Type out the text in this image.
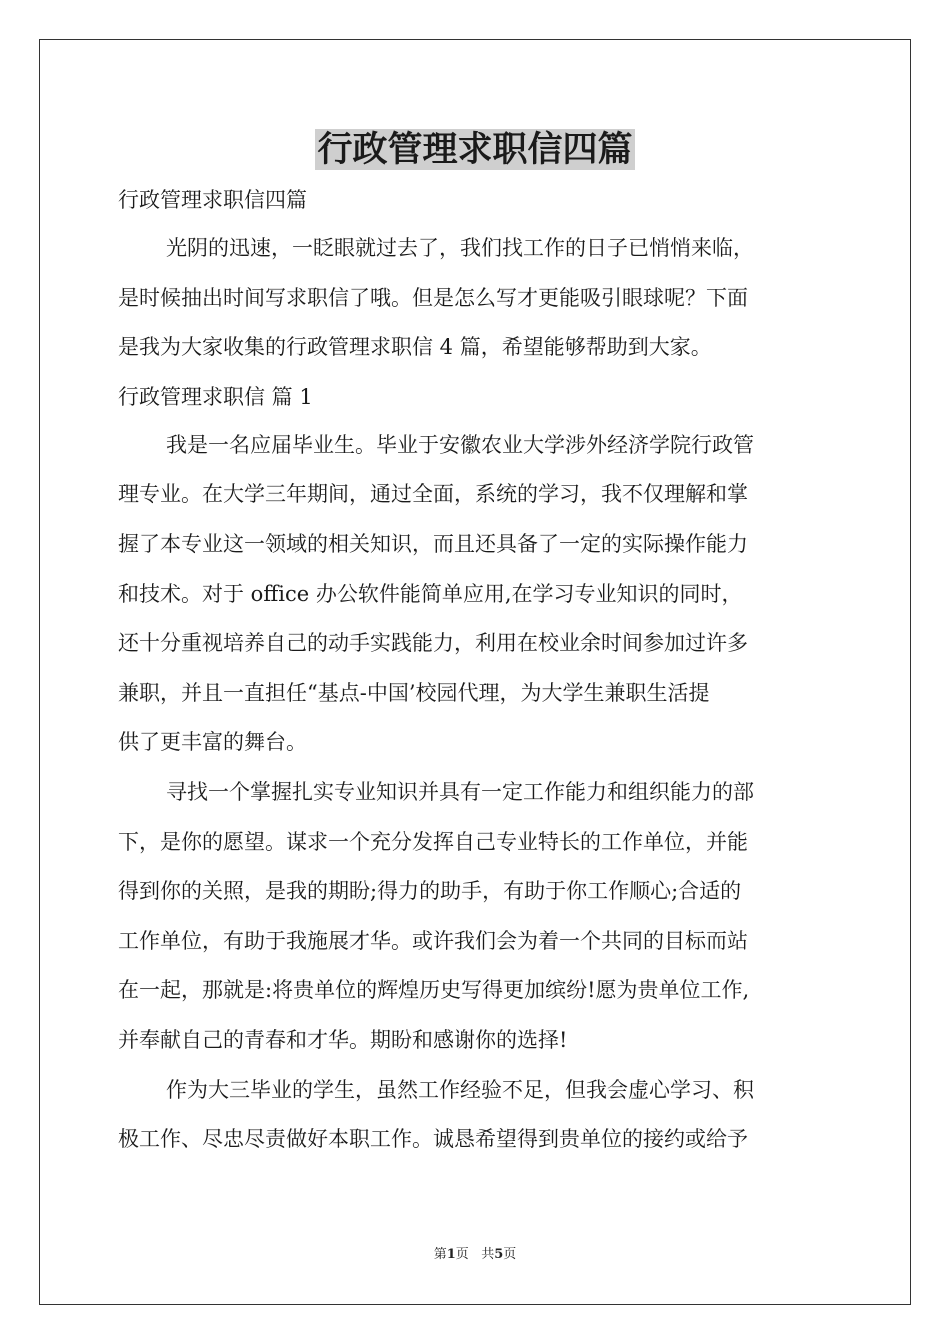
行政管理求职信四篇
行政管理求职信四篇
光阴的迅速，一眨眼就过去了，我们找工作的日子已悄悄来临，
是时候抽出时间写求职信了哦。但是怎么写才更能吸引眼球呢？下面
是我为大家收集的行政管理求职信 4 篇，希望能够帮助到大家。
行政管理求职信 篇 1
我是一名应届毕业生。毕业于安徽农业大学涉外经济学院行政管
理专业。在大学三年期间，通过全面，系统的学习，我不仅理解和掌
握了本专业这一领域的相关知识，而且还具备了一定的实际操作能力
和技术。对于 office 办公软件能简单应用,在学习专业知识的同时，
还十分重视培养自己的动手实践能力，利用在校业余时间参加过许多
兼职，并且一直担任“基点-中国’校园代理，为大学生兼职生活提
供了更丰富的舞台。
寻找一个掌握扎实专业知识并具有一定工作能力和组织能力的部
下，是你的愿望。谋求一个充分发挥自己专业特长的工作单位，并能
得到你的关照，是我的期盼;得力的助手，有助于你工作顺心;合适的
工作单位，有助于我施展才华。或许我们会为着一个共同的目标而站
在一起，那就是:将贵单位的辉煌历史写得更加缤纷!愿为贵单位工作,
并奉献自己的青春和才华。期盼和感谢你的选择!
作为大三毕业的学生，虽然工作经验不足，但我会虚心学习、积
极工作、尽忠尽责做好本职工作。诚恳希望得到贵单位的接约或给予
第1页 共5页
